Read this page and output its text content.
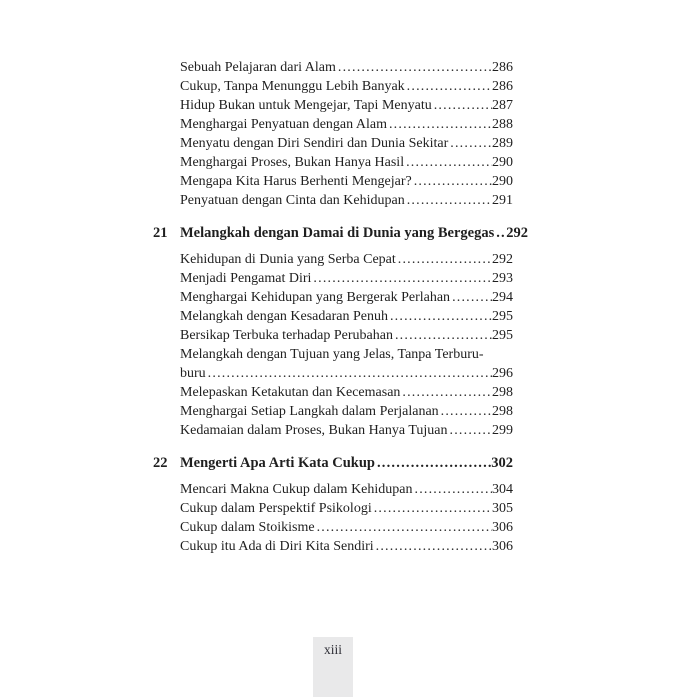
Sebuah Pelajaran dari Alam .....	286
Cukup, Tanpa Menunggu Lebih Banyak .....	286
Hidup Bukan untuk Mengejar, Tapi Menyatu .....	287
Menghargai Penyatuan dengan Alam .....	288
Menyatu dengan Diri Sendiri dan Dunia Sekitar .....	289
Menghargai Proses, Bukan Hanya Hasil .....	290
Mengapa Kita Harus Berhenti Mengejar? .....	290
Penyatuan dengan Cinta dan Kehidupan .....	291
21 Melangkah dengan Damai di Dunia yang Bergegas ..... 292
Kehidupan di Dunia yang Serba Cepat .....	292
Menjadi Pengamat Diri .....	293
Menghargai Kehidupan yang Bergerak Perlahan .....	294
Melangkah dengan Kesadaran Penuh .....	295
Bersikap Terbuka terhadap Perubahan .....	295
Melangkah dengan Tujuan yang Jelas, Tanpa Terburu-
buru .....	296
Melepaskan Ketakutan dan Kecemasan .....	298
Menghargai Setiap Langkah dalam Perjalanan .....	298
Kedamaian dalam Proses, Bukan Hanya Tujuan .....	299
22 Mengerti Apa Arti Kata Cukup .....	302
Mencari Makna Cukup dalam Kehidupan .....	304
Cukup dalam Perspektif Psikologi .....	305
Cukup dalam Stoikisme .....	306
Cukup itu Ada di Diri Kita Sendiri .....	306
xiii
